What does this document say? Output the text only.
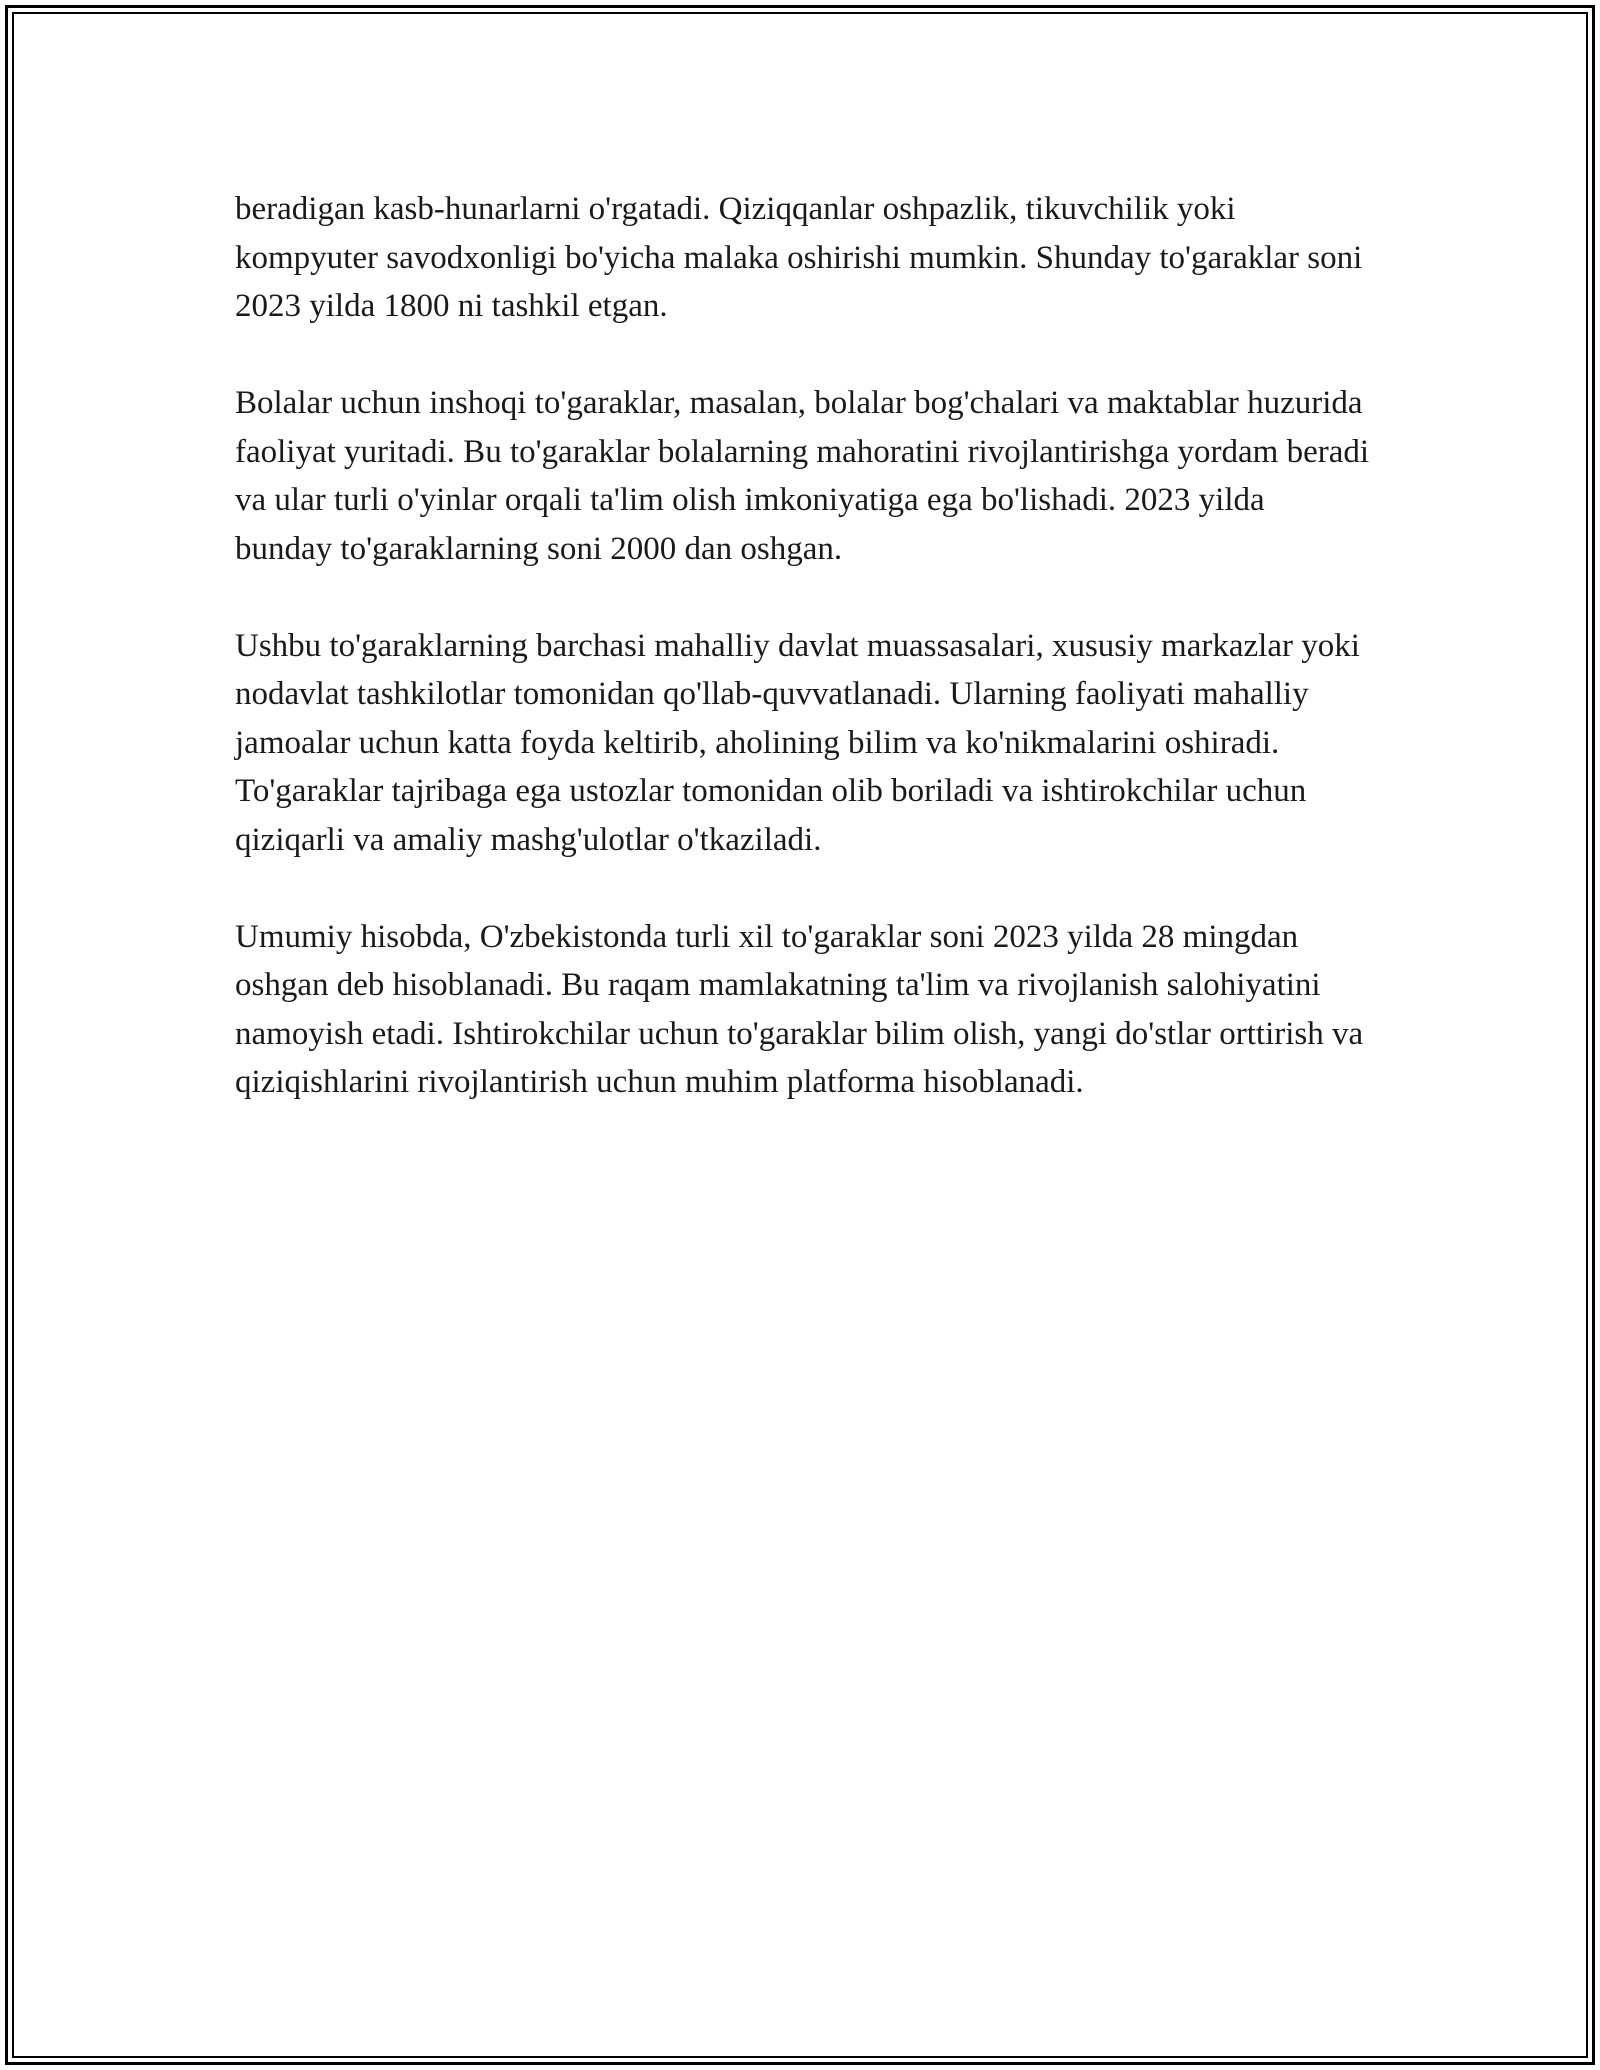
beradigan kasb-hunarlarni o'rgatadi. Qiziqqanlar oshpazlik, tikuvchilik yoki kompyuter savodxonligi bo'yicha malaka oshirishi mumkin. Shunday to'garaklar soni 2023 yilda 1800 ni tashkil etgan.

Bolalar uchun inshoqi to'garaklar, masalan, bolalar bog'chalari va maktablar huzurida faoliyat yuritadi. Bu to'garaklar bolalarning mahoratini rivojlantirishga yordam beradi va ular turli o'yinlar orqali ta'lim olish imkoniyatiga ega bo'lishadi. 2023 yilda bunday to'garaklarning soni 2000 dan oshgan.

Ushbu to'garaklarning barchasi mahalliy davlat muassasalari, xususiy markazlar yoki nodavlat tashkilotlar tomonidan qo'llab-quvvatlanadi. Ularning faoliyati mahalliy jamoalar uchun katta foyda keltirib, aholining bilim va ko'nikmalarini oshiradi. To'garaklar tajribaga ega ustozlar tomonidan olib boriladi va ishtirokchilar uchun qiziqarli va amaliy mashg'ulotlar o'tkaziladi.

Umumiy hisobda, O'zbekistonda turli xil to'garaklar soni 2023 yilda 28 mingdan oshgan deb hisoblanadi. Bu raqam mamlakatning ta'lim va rivojlanish salohiyatini namoyish etadi. Ishtirokchilar uchun to'garaklar bilim olish, yangi do'stlar orttirish va qiziqishlarini rivojlantirish uchun muhim platforma hisoblanadi.
